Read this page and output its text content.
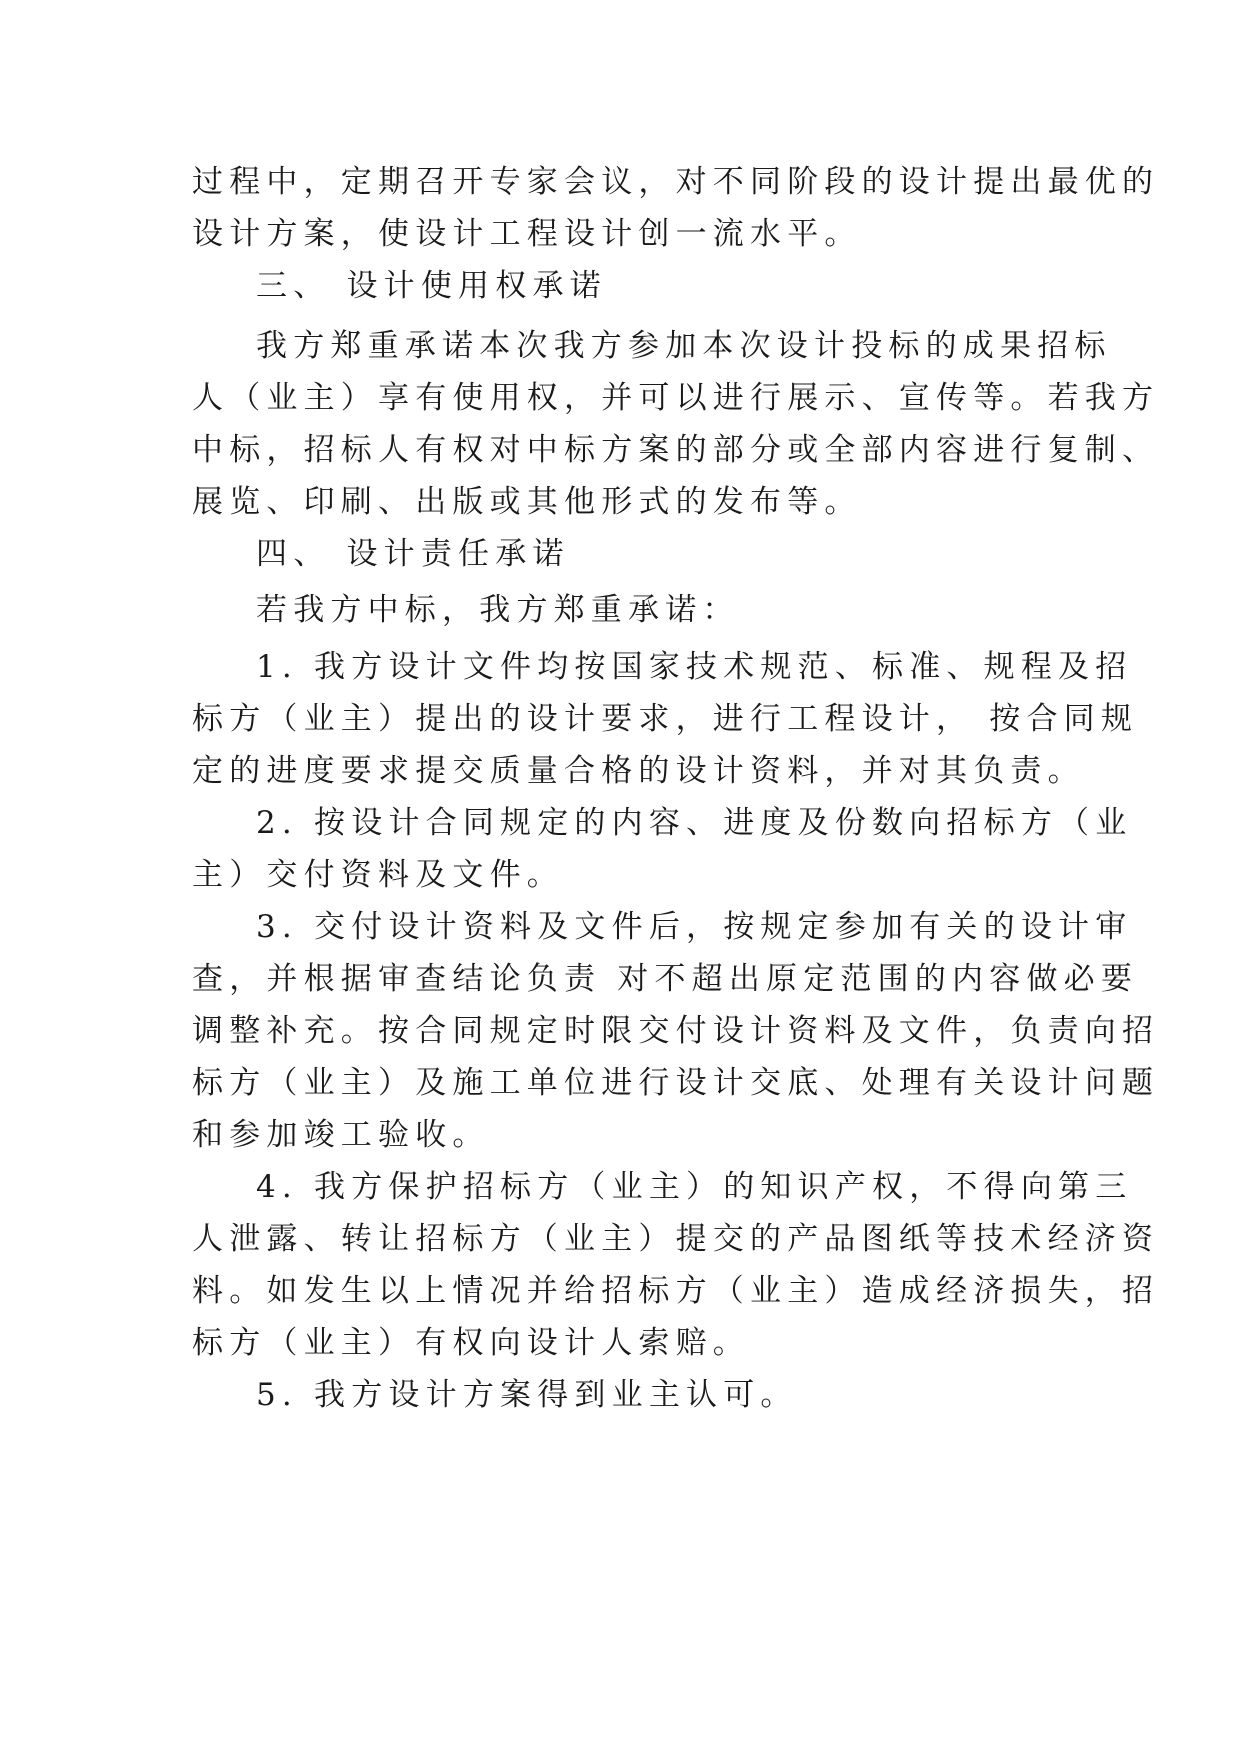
过程中，定期召开专家会议，对不同阶段的设计提出最优的
设计方案，使设计工程设计创一流水平。
三、 设计使用权承诺
我方郑重承诺本次我方参加本次设计投标的成果招标
人（业主）享有使用权，并可以进行展示、宣传等。若我方
中标，招标人有权对中标方案的部分或全部内容进行复制、
展览、印刷、出版或其他形式的发布等。
四、 设计责任承诺
若我方中标，我方郑重承诺：
1. 我方设计文件均按国家技术规范、标准、规程及招
标方（业主）提出的设计要求，进行工程设计， 按合同规
定的进度要求提交质量合格的设计资料，并对其负责。
2. 按设计合同规定的内容、进度及份数向招标方（业
主）交付资料及文件。
3. 交付设计资料及文件后，按规定参加有关的设计审
查，并根据审查结论负责 对不超出原定范围的内容做必要
调整补充。按合同规定时限交付设计资料及文件，负责向招
标方（业主）及施工单位进行设计交底、处理有关设计问题
和参加竣工验收。
4. 我方保护招标方（业主）的知识产权，不得向第三
人泄露、转让招标方（业主）提交的产品图纸等技术经济资
料。如发生以上情况并给招标方（业主）造成经济损失，招
标方（业主）有权向设计人索赔。
5. 我方设计方案得到业主认可。
